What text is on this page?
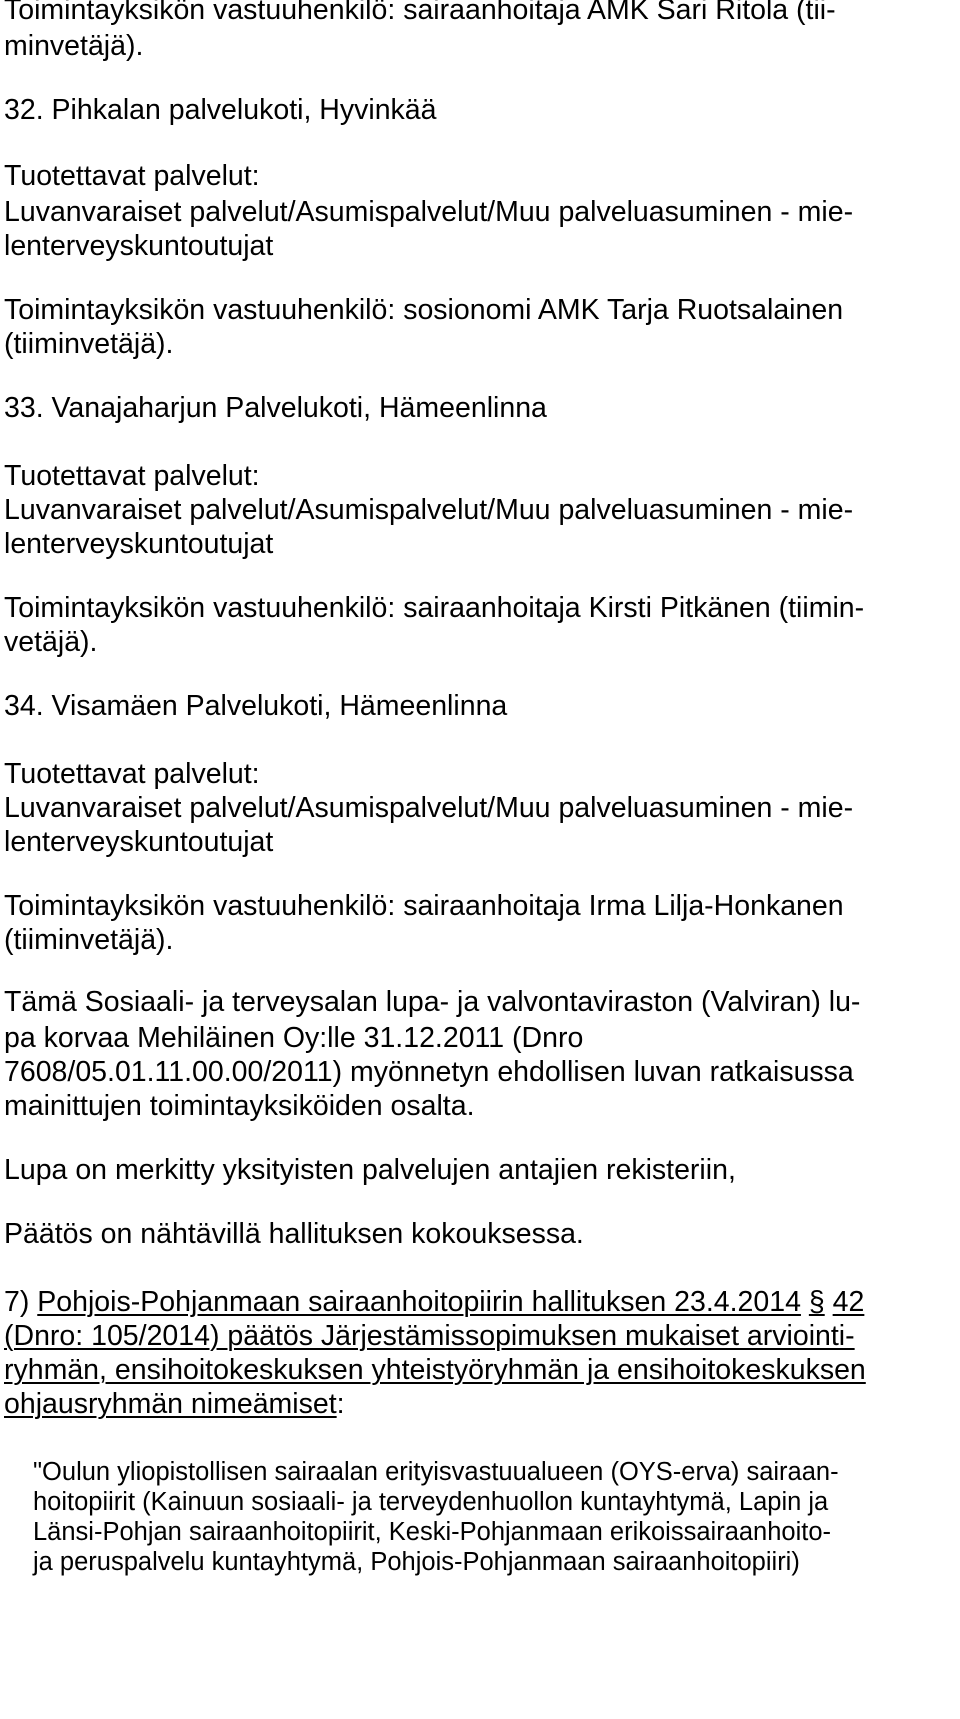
Toimintayksikön vastuuhenkilö: sairaanhoitaja AMK Sari Ritola (tii-
minvetäjä).
32. Pihkalan palvelukoti, Hyvinkää
Tuotettavat palvelut:
Luvanvaraiset palvelut/Asumispalvelut/Muu palveluasuminen - mie-
lenterveyskuntoutujat
Toimintayksikön vastuuhenkilö: sosionomi AMK Tarja Ruotsalainen
(tiiminvetäjä).
33. Vanajaharjun Palvelukoti, Hämeenlinna
Tuotettavat palvelut:
Luvanvaraiset palvelut/Asumispalvelut/Muu palveluasuminen - mie-
lenterveyskuntoutujat
Toimintayksikön vastuuhenkilö: sairaanhoitaja Kirsti Pitkänen (tiimin-
vetäjä).
34. Visamäen Palvelukoti, Hämeenlinna
Tuotettavat palvelut:
Luvanvaraiset palvelut/Asumispalvelut/Muu palveluasuminen - mie-
lenterveyskuntoutujat
Toimintayksikön vastuuhenkilö: sairaanhoitaja Irma Lilja-Honkanen
(tiiminvetäjä).
Tämä Sosiaali- ja terveysalan lupa- ja valvontaviraston (Valviran) lu-
pa korvaa Mehiläinen Oy:lle 31.12.2011 (Dnro
7608/05.01.11.00.00/2011) myönnetyn ehdollisen luvan ratkaisussa
mainittujen toimintayksiköiden osalta.
Lupa on merkitty yksityisten palvelujen antajien rekisteriin,
Päätös on nähtävillä hallituksen kokouksessa.
7) Pohjois-Pohjanmaan sairaanhoitopiirin hallituksen 23.4.2014 § 42
(Dnro: 105/2014) päätös Järjestämissopimuksen mukaiset arviointi-
ryhmän, ensihoitokeskuksen yhteistyöryhmän ja ensihoitokeskuksen
ohjausryhmän nimeämiset:
"Oulun yliopistollisen sairaalan erityisvastuualueen (OYS-erva) sairaan-
hoitopiirit (Kainuun sosiaali- ja terveydenhuollon kuntayhtymä, Lapin ja
Länsi-Pohjan sairaanhoitopiirit, Keski-Pohjanmaan erikoissairaanhoito-
ja peruspalvelu kuntayhtymä, Pohjois-Pohjanmaan sairaanhoitopiiri)
